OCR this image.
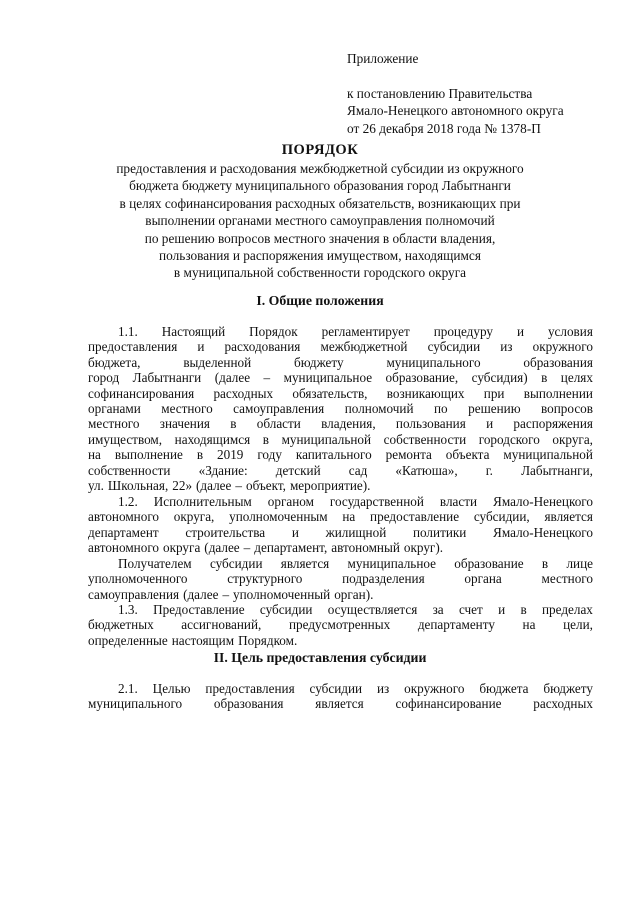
Приложение
к постановлению Правительства
Ямало-Ненецкого автономного округа
от 26 декабря 2018 года № 1378-П
ПОРЯДОК
предоставления и расходования межбюджетной субсидии из окружного
бюджета бюджету муниципального образования город Лабытнанги
в целях софинансирования расходных обязательств, возникающих при
выполнении органами местного самоуправления полномочий
по решению вопросов местного значения в области владения,
пользования и распоряжения имуществом, находящимся
в муниципальной собственности городского округа
I. Общие положения
1.1. Настоящий Порядок регламентирует процедуру и условия
предоставления и расходования межбюджетной субсидии из окружного
бюджета,	выделенной	бюджету	муниципального	образования
город Лабытнанги (далее – муниципальное образование, субсидия) в целях
софинансирования расходных обязательств, возникающих при выполнении
органами местного самоуправления полномочий по решению вопросов
местного значения в области владения, пользования и распоряжения
имуществом, находящимся в муниципальной собственности городского округа,
на выполнение в 2019 году капитального ремонта объекта муниципальной
собственности «Здание: детский сад «Катюша», г. Лабытнанги,
ул. Школьная, 22» (далее – объект, мероприятие).
1.2. Исполнительным органом государственной власти Ямало-Ненецкого
автономного округа, уполномоченным на предоставление субсидии, является
департамент строительства и жилищной политики Ямало-Ненецкого
автономного округа (далее – департамент, автономный округ).
Получателем субсидии является муниципальное образование в лице
уполномоченного	структурного	подразделения	органа	местного
самоуправления (далее – уполномоченный орган).
1.3. Предоставление субсидии осуществляется за счет и в пределах
бюджетных ассигнований, предусмотренных департаменту на цели,
определенные настоящим Порядком.
II. Цель предоставления субсидии
2.1. Целью предоставления субсидии из окружного бюджета бюджету
муниципального образования является софинансирование расходных
